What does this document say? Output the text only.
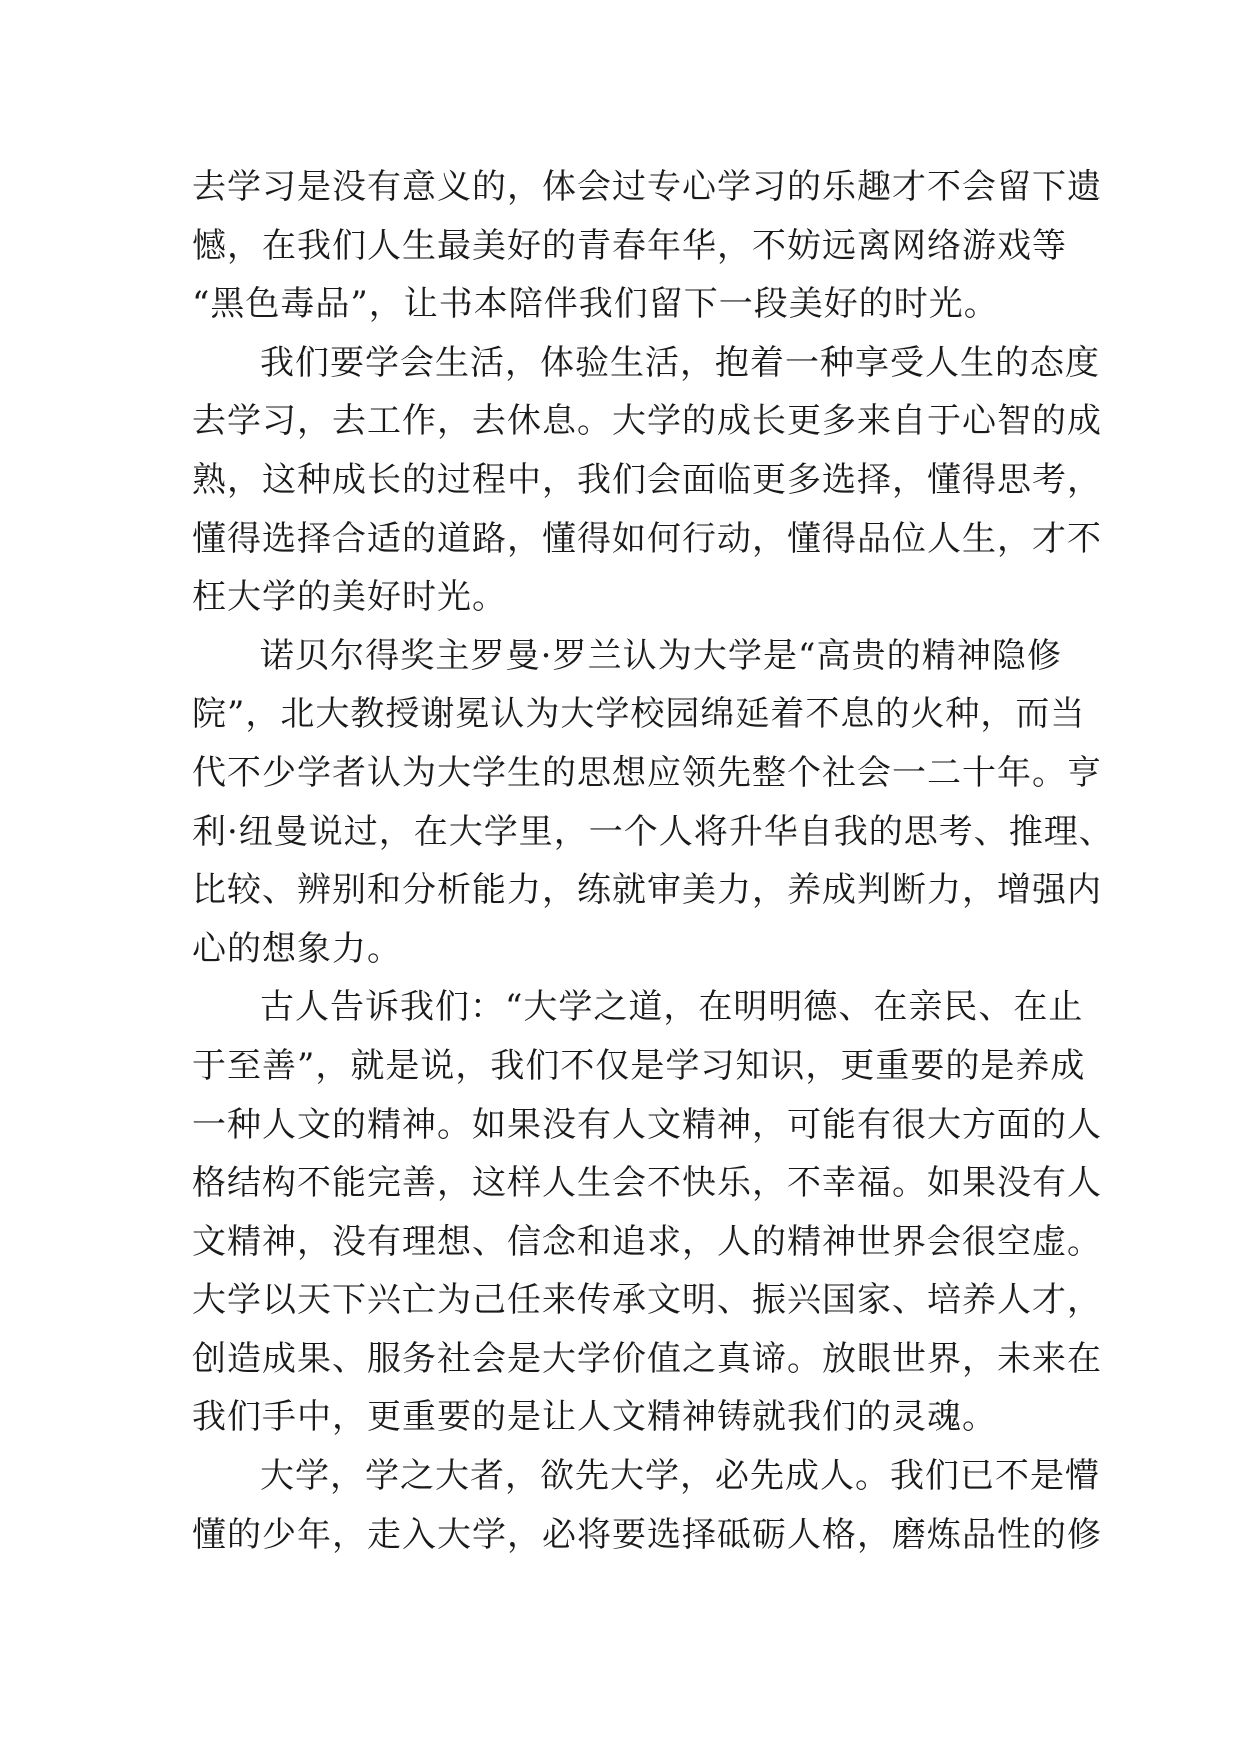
去学习是没有意义的，体会过专心学习的乐趣才不会留下遗
憾，在我们人生最美好的青春年华，不妨远离网络游戏等
“黑色毒品”，让书本陪伴我们留下一段美好的时光。
我们要学会生活，体验生活，抱着一种享受人生的态度
去学习，去工作，去休息。大学的成长更多来自于心智的成
熟，这种成长的过程中，我们会面临更多选择，懂得思考，
懂得选择合适的道路，懂得如何行动，懂得品位人生，才不
枉大学的美好时光。
诺贝尔得奖主罗曼·罗兰认为大学是“高贵的精神隐修
院”，北大教授谢冕认为大学校园绵延着不息的火种，而当
代不少学者认为大学生的思想应领先整个社会一二十年。亨
利·纽曼说过，在大学里，一个人将升华自我的思考、推理、
比较、辨别和分析能力，练就审美力，养成判断力，增强内
心的想象力。
古人告诉我们：“大学之道，在明明德、在亲民、在止
于至善”，就是说，我们不仅是学习知识，更重要的是养成
一种人文的精神。如果没有人文精神，可能有很大方面的人
格结构不能完善，这样人生会不快乐，不幸福。如果没有人
文精神，没有理想、信念和追求，人的精神世界会很空虚。
大学以天下兴亡为己任来传承文明、振兴国家、培养人才，
创造成果、服务社会是大学价值之真谛。放眼世界，未来在
我们手中，更重要的是让人文精神铸就我们的灵魂。
大学，学之大者，欲先大学，必先成人。我们已不是懵
懂的少年，走入大学，必将要选择砥砺人格，磨炼品性的修
